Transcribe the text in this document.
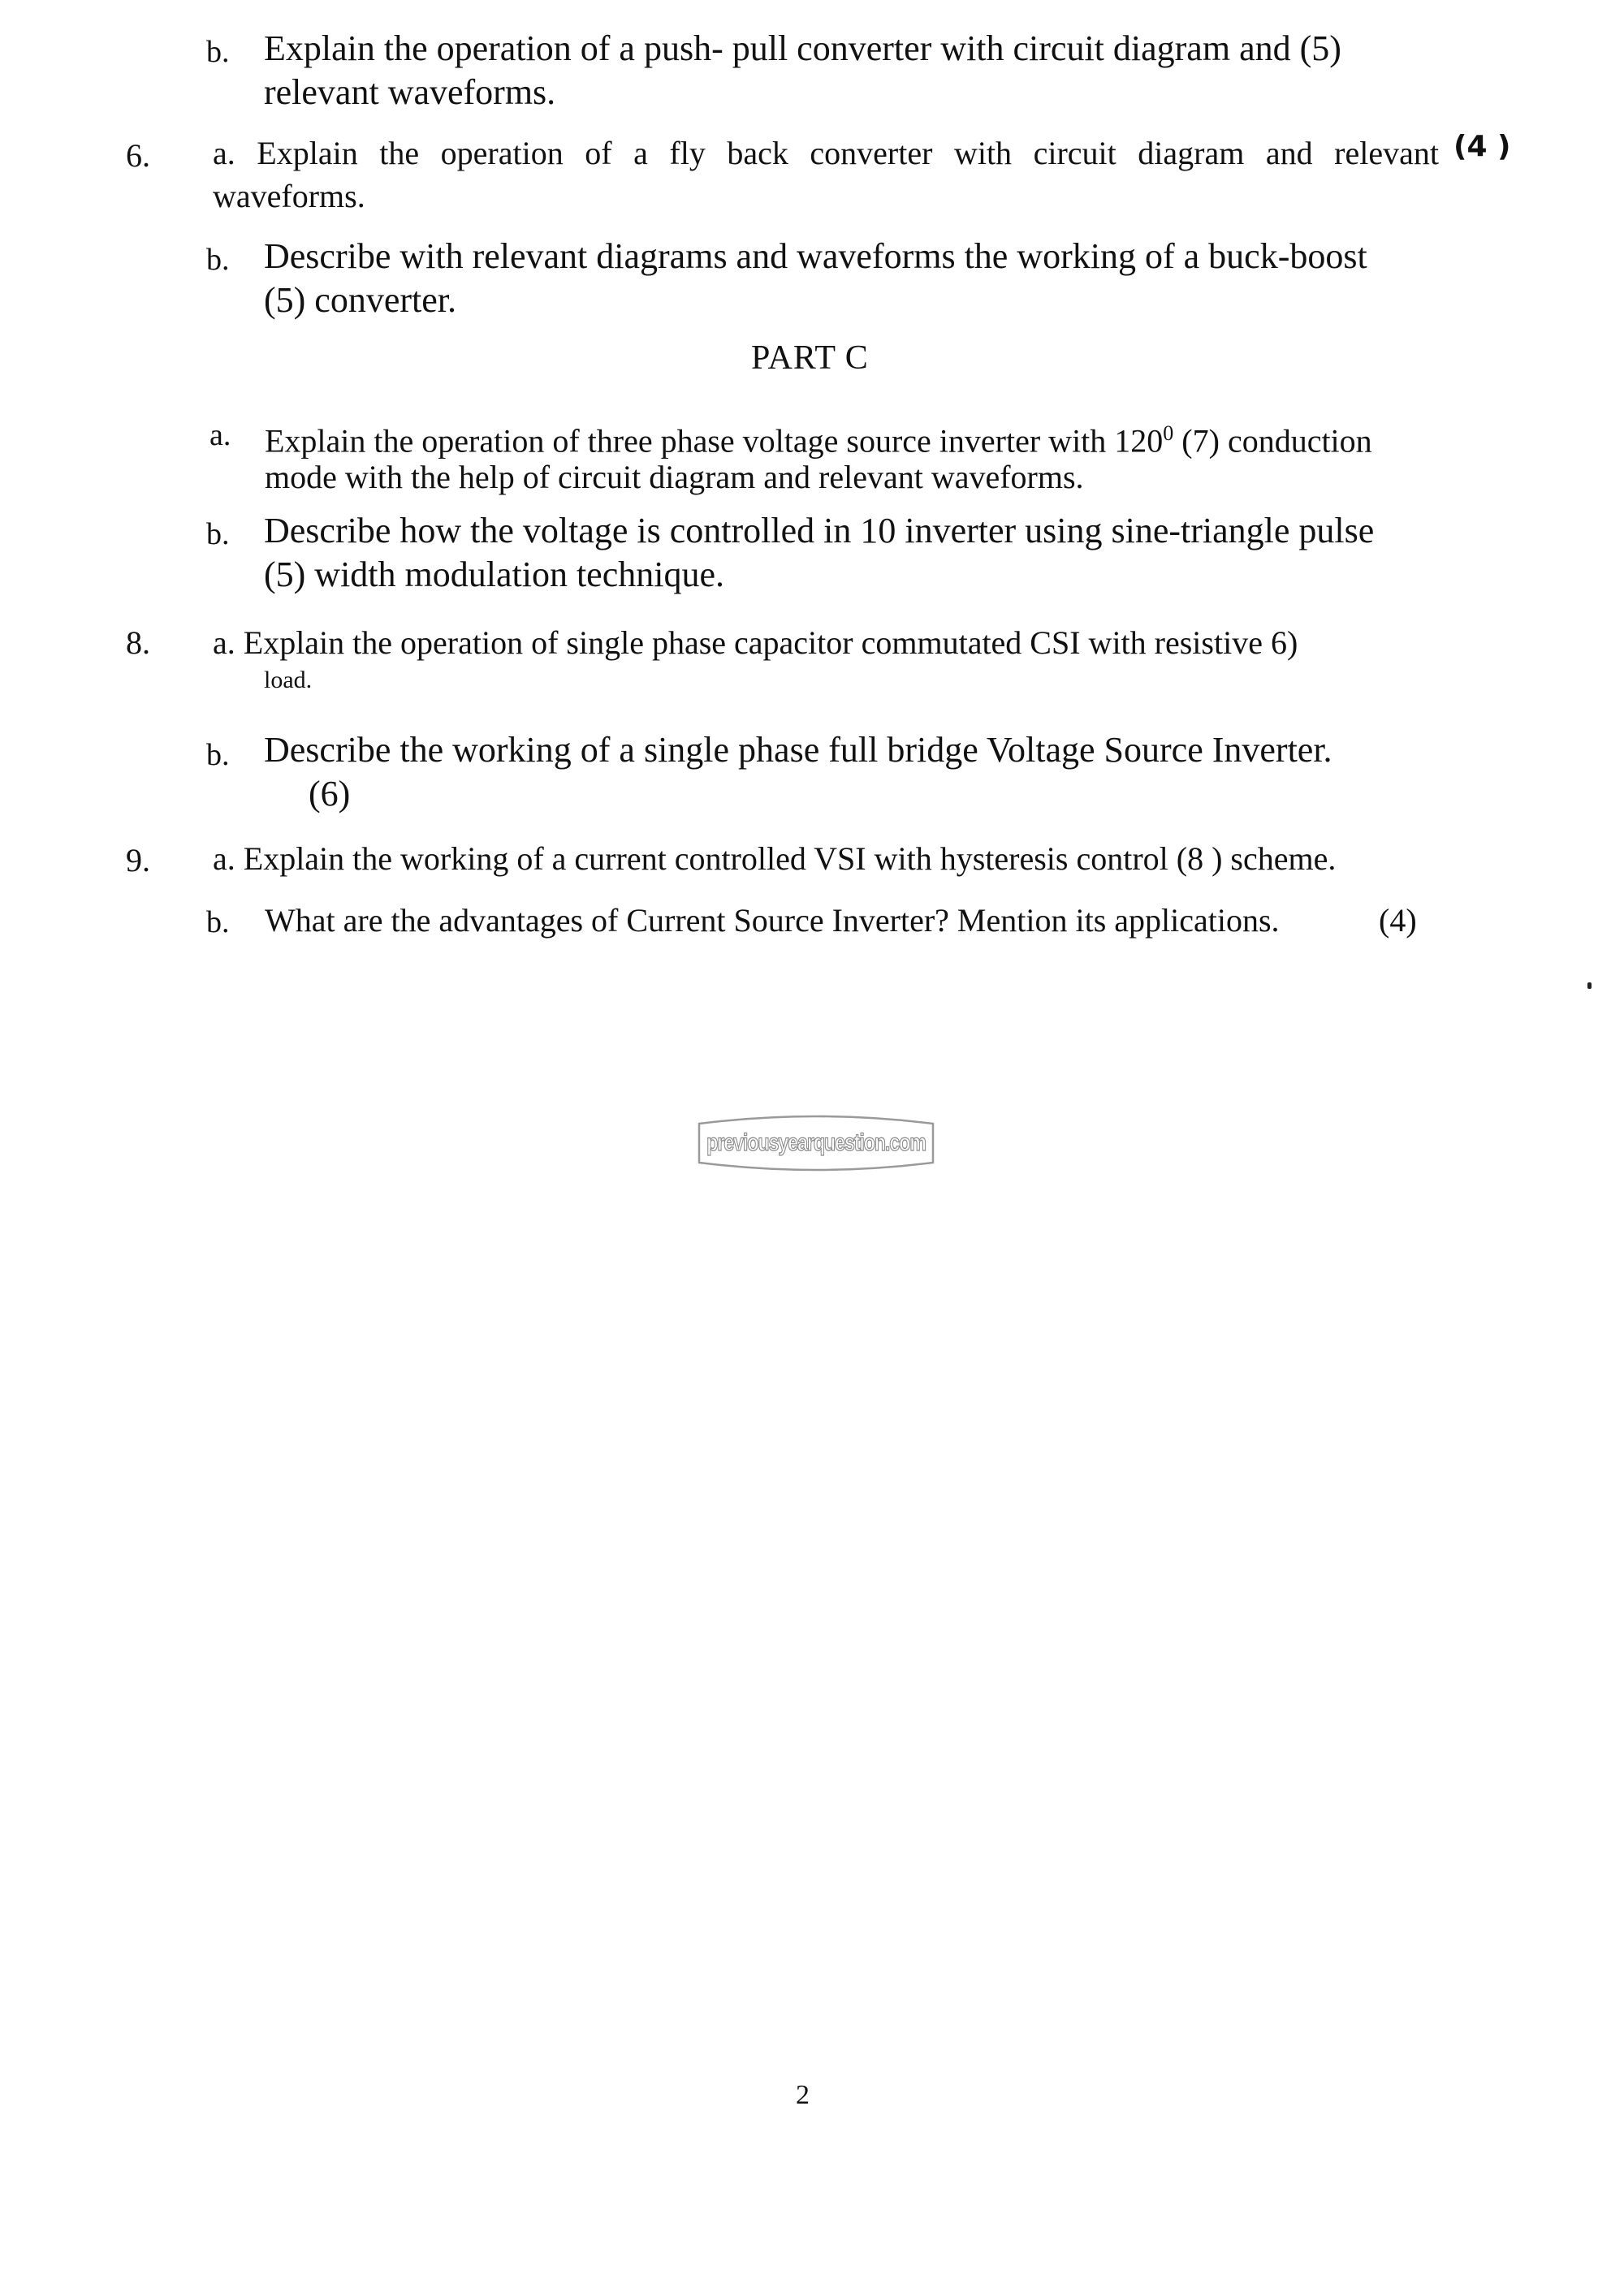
b. Explain the operation of a push- pull converter with circuit diagram and (5)
relevant waveforms.
6. a. Explain the operation of a fly back converter with circuit diagram and relevant (4 )
waveforms.
b. Describe with relevant diagrams and waveforms the working of a buck-boost
(5) converter.
PART C
a. Explain the operation of three phase voltage source inverter with $120^0$ (7) conduction
mode with the help of circuit diagram and relevant waveforms.
b. Describe how the voltage is controlled in 10 inverter using sine-triangle pulse
(5) width modulation technique.
8. a. Explain the operation of single phase capacitor commutated CSI with resistive 6)
load.
b. Describe the working of a single phase full bridge Voltage Source Inverter.
(6)
9. a. Explain the working of a current controlled VSI with hysteresis control (8 ) scheme.
b. What are the advantages of Current Source Inverter? Mention its applications.	(4)
previousyearquestion.com
2
